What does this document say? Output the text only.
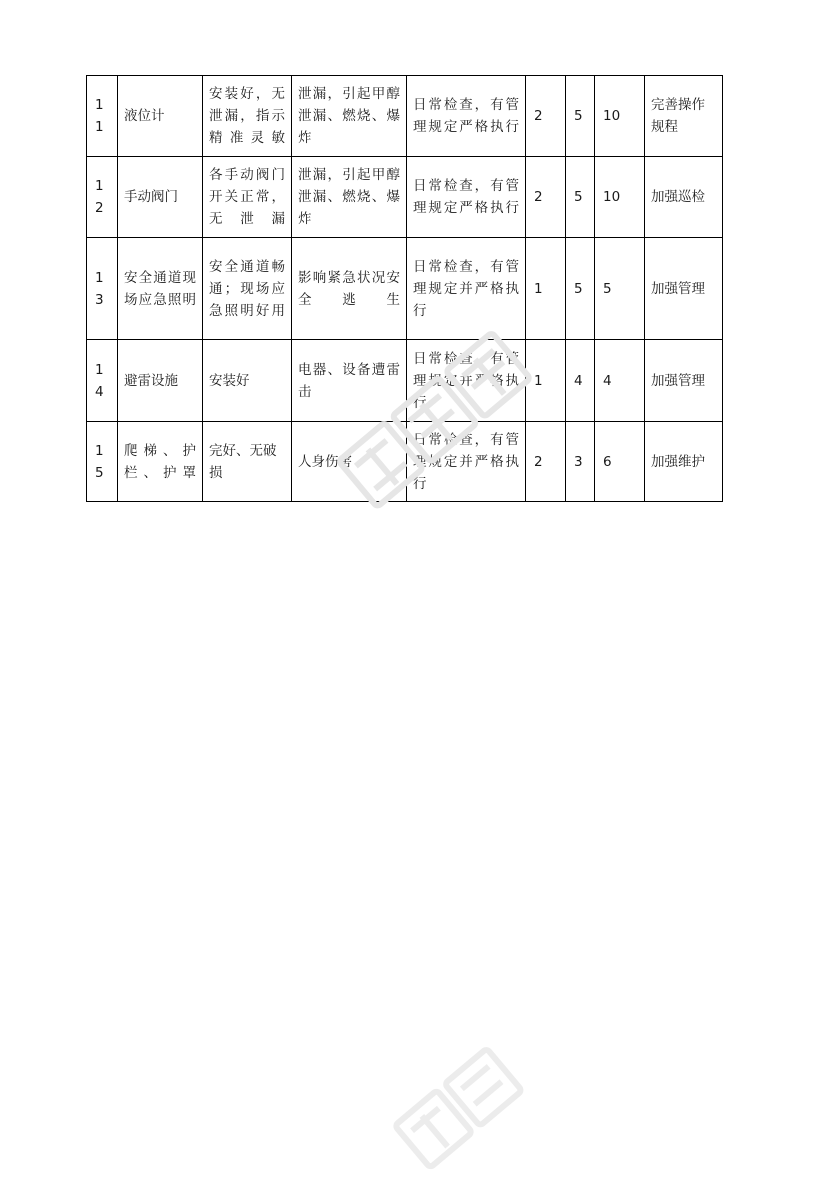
11	液位计	安装好，无泄漏，指示精准灵敏	泄漏，引起甲醇泄漏、燃烧、爆炸	日常检查，有管理规定严格执行	2	5	10	完善操作规程
12	手动阀门	各手动阀门开关正常，无泄漏	泄漏，引起甲醇泄漏、燃烧、爆炸	日常检查，有管理规定严格执行	2	5	10	加强巡检
13	安全通道现场应急照明	安全通道畅通；现场应急照明好用	影响紧急状况安全逃生	日常检查，有管理规定并严格执行	1	5	5	加强管理
14	避雷设施	安装好	电器、设备遭雷击	日常检查，有管理规定并严格执行	1	4	4	加强管理
15	爬梯、护栏、护罩	完好、无破损	人身伤害	日常检查，有管理规定并严格执行	2	3	6	加强维护
